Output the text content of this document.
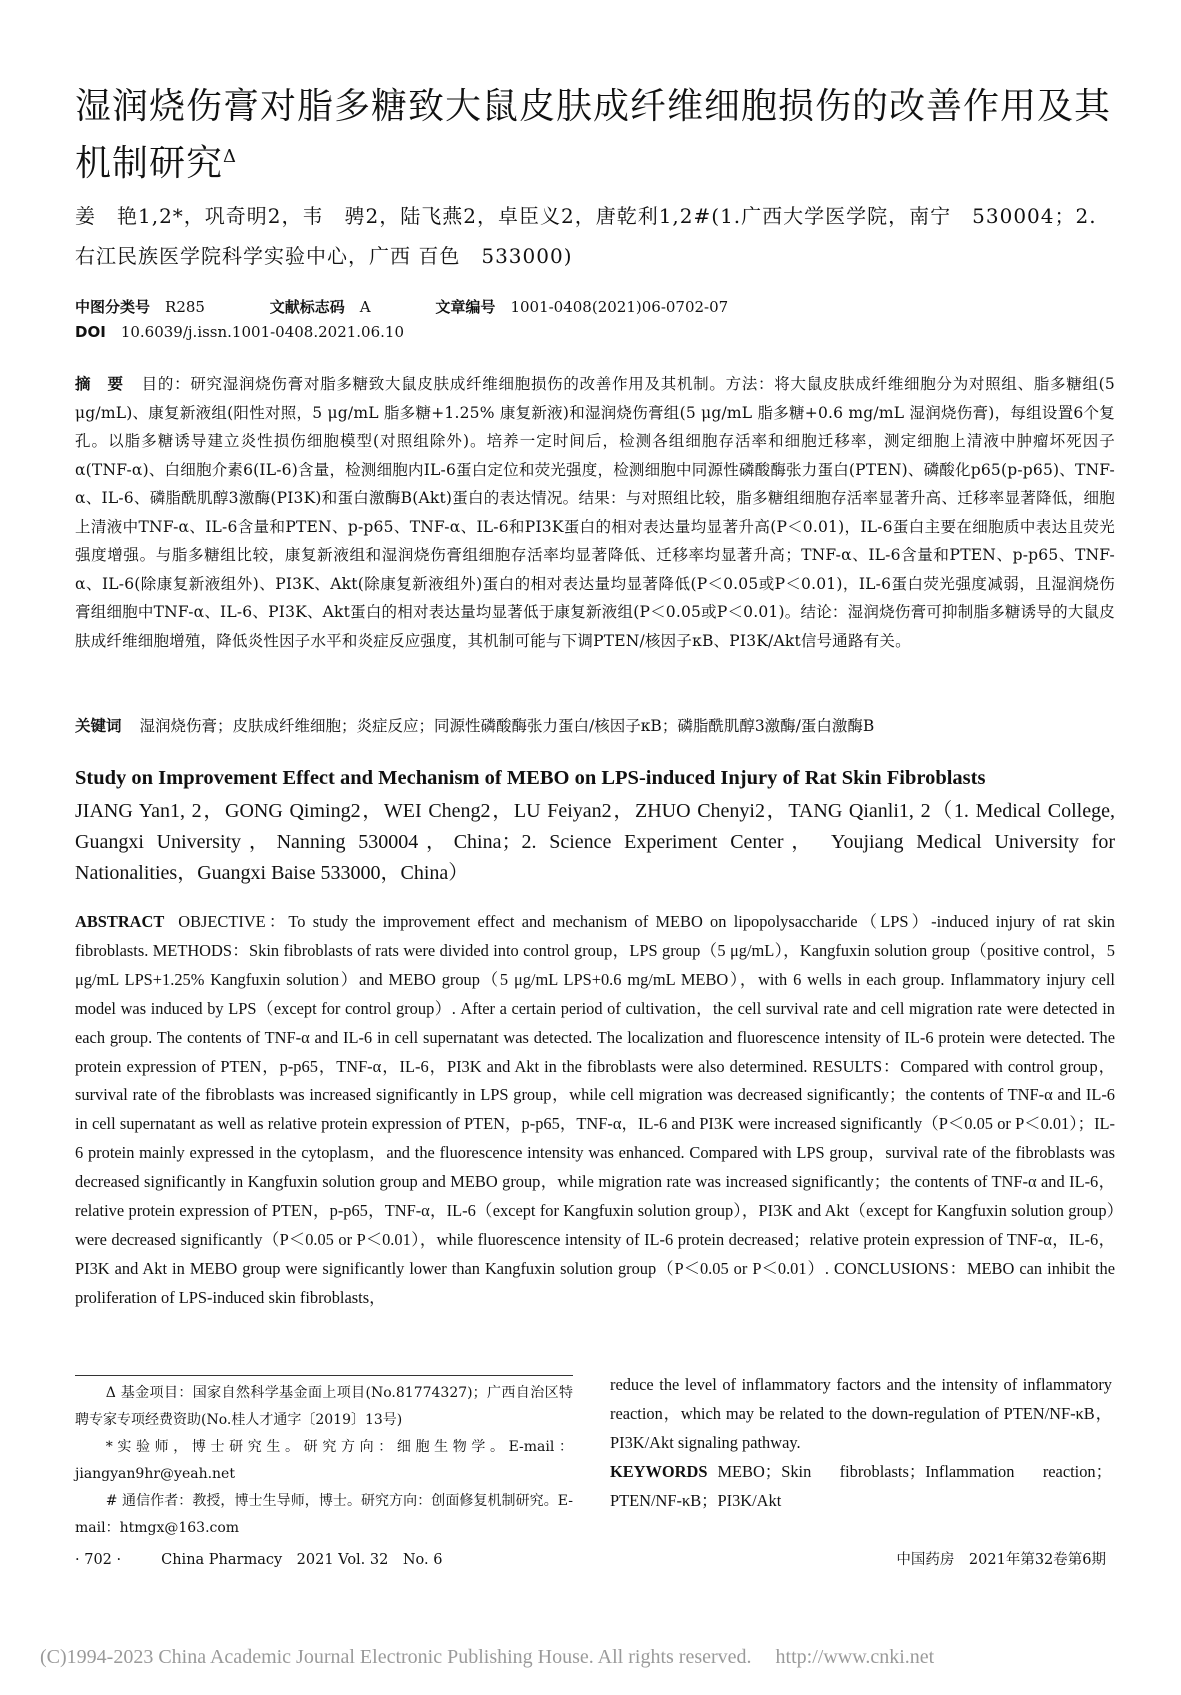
湿润烧伤膏对脂多糖致大鼠皮肤成纤维细胞损伤的改善作用及其机制研究$^\Delta$
姜　艳1,2*，巩奇明2，韦　骋2，陆飞燕2，卓臣义2，唐乾利1,2#(1.广西大学医学院，南宁　530004；2.右江民族医学院科学实验中心，广西 百色　533000)
中图分类号　 R285	文献标志码　 A	文章编号　 1001-0408(2021)06-0702-07
DOI　 10.6039/j.issn.1001-0408.2021.06.10
摘　要 目的：研究湿润烧伤膏对脂多糖致大鼠皮肤成纤维细胞损伤的改善作用及其机制。方法：将大鼠皮肤成纤维细胞分为对照组、脂多糖组(5 μg/mL)、康复新液组(阳性对照，5 μg/mL 脂多糖+1.25% 康复新液)和湿润烧伤膏组(5 μg/mL 脂多糖+0.6 mg/mL 湿润烧伤膏)，每组设置6个复孔。以脂多糖诱导建立炎性损伤细胞模型(对照组除外)。培养一定时间后，检测各组细胞存活率和细胞迁移率，测定细胞上清液中肿瘤坏死因子α(TNF-α)、白细胞介素6(IL-6)含量，检测细胞内IL-6蛋白定位和荧光强度，检测细胞中同源性磷酸酶张力蛋白(PTEN)、磷酸化p65(p-p65)、TNF-α、IL-6、磷脂酰肌醇3激酶(PI3K)和蛋白激酶B(Akt)蛋白的表达情况。结果：与对照组比较，脂多糖组细胞存活率显著升高、迁移率显著降低，细胞上清液中TNF-α、IL-6含量和PTEN、p-p65、TNF-α、IL-6和PI3K蛋白的相对表达量均显著升高(P＜0.01)，IL-6蛋白主要在细胞质中表达且荧光强度增强。与脂多糖组比较，康复新液组和湿润烧伤膏组细胞存活率均显著降低、迁移率均显著升高；TNF-α、IL-6含量和PTEN、p-p65、TNF-α、IL-6(除康复新液组外)、PI3K、Akt(除康复新液组外)蛋白的相对表达量均显著降低(P＜0.05或P＜0.01)，IL-6蛋白荧光强度减弱，且湿润烧伤膏组细胞中TNF-α、IL-6、PI3K、Akt蛋白的相对表达量均显著低于康复新液组(P＜0.05或P＜0.01)。结论：湿润烧伤膏可抑制脂多糖诱导的大鼠皮肤成纤维细胞增殖，降低炎性因子水平和炎症反应强度，其机制可能与下调PTEN/核因子κB、PI3K/Akt信号通路有关。
关键词 湿润烧伤膏；皮肤成纤维细胞；炎症反应；同源性磷酸酶张力蛋白/核因子κB；磷脂酰肌醇3激酶/蛋白激酶B
Study on Improvement Effect and Mechanism of MEBO on LPS-induced Injury of Rat Skin Fibroblasts
JIANG Yan1, 2，GONG Qiming2，WEI Cheng2，LU Feiyan2，ZHUO Chenyi2，TANG Qianli1, 2（1. Medical College, Guangxi University，Nanning 530004，China；2. Science Experiment Center， Youjiang Medical University for Nationalities，Guangxi Baise 533000，China）
ABSTRACT OBJECTIVE：To study the improvement effect and mechanism of MEBO on lipopolysaccharide（LPS）-induced injury of rat skin fibroblasts. METHODS：Skin fibroblasts of rats were divided into control group，LPS group（5 μg/mL），Kangfuxin solution group（positive control，5 μg/mL LPS+1.25% Kangfuxin solution）and MEBO group（5 μg/mL LPS+0.6 mg/mL MEBO），with 6 wells in each group. Inflammatory injury cell model was induced by LPS（except for control group）. After a certain period of cultivation，the cell survival rate and cell migration rate were detected in each group. The contents of TNF-α and IL-6 in cell supernatant was detected. The localization and fluorescence intensity of IL-6 protein were detected. The protein expression of PTEN，p-p65，TNF-α，IL-6，PI3K and Akt in the fibroblasts were also determined. RESULTS：Compared with control group，survival rate of the fibroblasts was increased significantly in LPS group，while cell migration was decreased significantly；the contents of TNF-α and IL-6 in cell supernatant as well as relative protein expression of PTEN，p-p65，TNF-α，IL-6 and PI3K were increased significantly（P＜0.05 or P＜0.01）；IL-6 protein mainly expressed in the cytoplasm，and the fluorescence intensity was enhanced. Compared with LPS group，survival rate of the fibroblasts was decreased significantly in Kangfuxin solution group and MEBO group，while migration rate was increased significantly；the contents of TNF-α and IL-6，relative protein expression of PTEN，p-p65，TNF-α，IL-6（except for Kangfuxin solution group），PI3K and Akt（except for Kangfuxin solution group）were decreased significantly（P＜0.05 or P＜0.01），while fluorescence intensity of IL-6 protein decreased；relative protein expression of TNF-α，IL-6，PI3K and Akt in MEBO group were significantly lower than Kangfuxin solution group（P＜0.05 or P＜0.01）. CONCLUSIONS：MEBO can inhibit the proliferation of LPS-induced skin fibroblasts，
Δ 基金项目：国家自然科学基金面上项目(No.81774327)；广西自治区特聘专家专项经费资助(No.桂人才通字〔2019〕13号)
*实验师，博士研究生。研究方向：细胞生物学。E-mail：jiangyan9hr@yeah.net
# 通信作者：教授，博士生导师，博士。研究方向：创面修复机制研究。E-mail：htmgx@163.com
reduce the level of inflammatory factors and the intensity of inflammatory reaction，which may be related to the down-regulation of PTEN/NF-κB，PI3K/Akt signaling pathway.
KEYWORDS MEBO；Skin fibroblasts；Inflammation reaction；PTEN/NF-κB；PI3K/Akt
· 702 ·	China Pharmacy　2021 Vol. 32　No. 6	中国药房　2021年第32卷第6期
(C)1994-2023 China Academic Journal Electronic Publishing House. All rights reserved. http://www.cnki.net
